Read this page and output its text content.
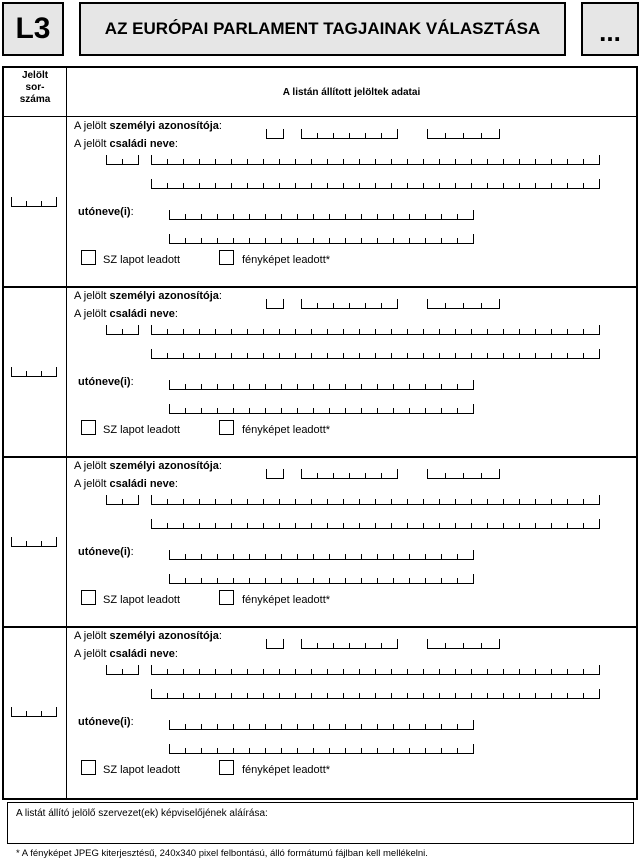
L3	AZ EURÓPAI PARLAMENT TAGJAINAK VÁLASZTÁSA	...
Jelölt
sor-
száma
A listán állított jelöltek adatai
A jelölt személyi azonosítója:
A jelölt családi neve:
utóneve(i):
SZ lapot leadott	fényképet leadott*
A jelölt személyi azonosítója:
A jelölt családi neve:
utóneve(i):
SZ lapot leadott	fényképet leadott*
A jelölt személyi azonosítója:
A jelölt családi neve:
utóneve(i):
SZ lapot leadott	fényképet leadott*
A jelölt személyi azonosítója:
A jelölt családi neve:
utóneve(i):
SZ lapot leadott	fényképet leadott*
A listát állító jelölő szervezet(ek) képviselőjének aláírása:
* A fényképet JPEG kiterjesztésű, 240x340 pixel felbontású, álló formátumú fájlban kell mellékelni.
